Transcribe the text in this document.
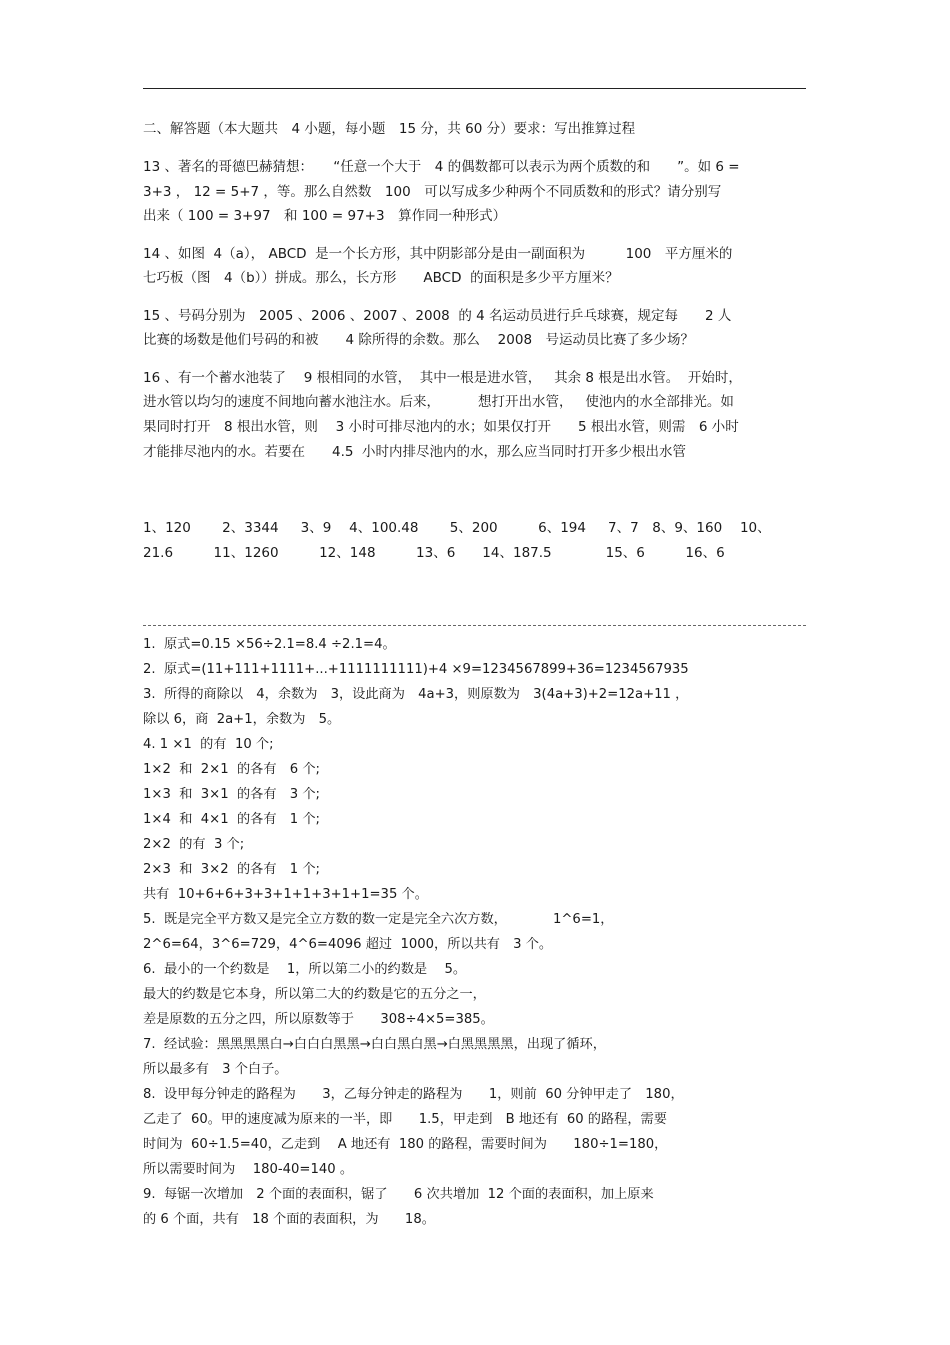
二、解答题（本大题共　4 小题，每小题　15 分，共 60 分）要求：写出推算过程

13 、著名的哥德巴赫猜想：　　“任意一个大于　4 的偶数都可以表示为两个质数的和　　”。如 6 =

3+3 ， 12 = 5+7 ，等。那么自然数　100　可以写成多少种两个不同质数和的形式？请分别写

出来（ 100 = 3+97　和 100 = 97+3　算作同一种形式）

14 、如图  4（a）， ABCD  是一个长方形，其中阴影部分是由一副面积为　　　100　平方厘米的

七巧板（图　4（b））拼成。那么，长方形　　ABCD  的面积是多少平方厘米？

15 、号码分别为　2005 、2006 、2007 、2008  的 4 名运动员进行乒乓球赛，规定每　　2 人

比赛的场数是他们号码的和被　　4 除所得的余数。那么　 2008　号运动员比赛了多少场？

16 、有一个蓄水池装了　 9 根相同的水管，  其中一根是进水管，   其余 8 根是出水管。  开始时，

进水管以均匀的速度不间地向蓄水池注水。后来，　　　 想打开出水管，   使池内的水全部排光。如

果同时打开　8 根出水管，则　 3 小时可排尽池内的水；如果仅打开　　5 根出水管，则需　6 小时

才能排尽池内的水。若要在　　4.5  小时内排尽池内的水，那么应当同时打开多少根出水管

1、120　　 2、3344　  3、9　 4、100.48　　 5、200　　　6、194　  7、7　8、9、160　 10、

21.6　　　11、1260　　　12、148　　　13、6　　14、187.5　　　　15、6　　　16、6

1.  原式=0.15 ×56÷2.1=8.4 ÷2.1=4。

2.  原式=(11+111+1111+...+1111111111)+4 ×9=1234567899+36=1234567935

3.  所得的商除以　4，余数为　3，设此商为　4a+3，则原数为　3(4a+3)+2=12a+11 ，

除以 6，商  2a+1，余数为　5。

4. 1 ×1  的有  10 个;

1×2  和  2×1  的各有　6 个;

1×3  和  3×1  的各有　3 个;

1×4  和  4×1  的各有　1 个;

2×2  的有  3 个;

2×3  和  3×2  的各有　1 个;

共有  10+6+6+3+3+1+1+3+1+1=35 个。

5.  既是完全平方数又是完全立方数的数一定是完全六次方数，　　　　1^6=1，

2^6=64，3^6=729，4^6=4096 超过  1000，所以共有　3 个。

6.  最小的一个约数是　 1，所以第二小的约数是　 5。

最大的约数是它本身，所以第二大的约数是它的五分之一，

差是原数的五分之四，所以原数等于　　308÷4×5=385。

7.  经试验：黑黑黑黑白→白白白黑黑→白白黑白黑→白黑黑黑黑，出现了循环，

所以最多有　3 个白子。

8.  设甲每分钟走的路程为　　3，乙每分钟走的路程为　　1，则前  60 分钟甲走了　180，

乙走了  60。甲的速度减为原来的一半，即　　1.5，甲走到　B 地还有  60 的路程，需要

时间为  60÷1.5=40，乙走到　 A 地还有  180 的路程，需要时间为　　180÷1=180，

所以需要时间为　 180-40=140 。

9.  每锯一次增加　2 个面的表面积，锯了　　6 次共增加  12 个面的表面积，加上原来

的 6 个面，共有　18 个面的表面积，为　　18。
